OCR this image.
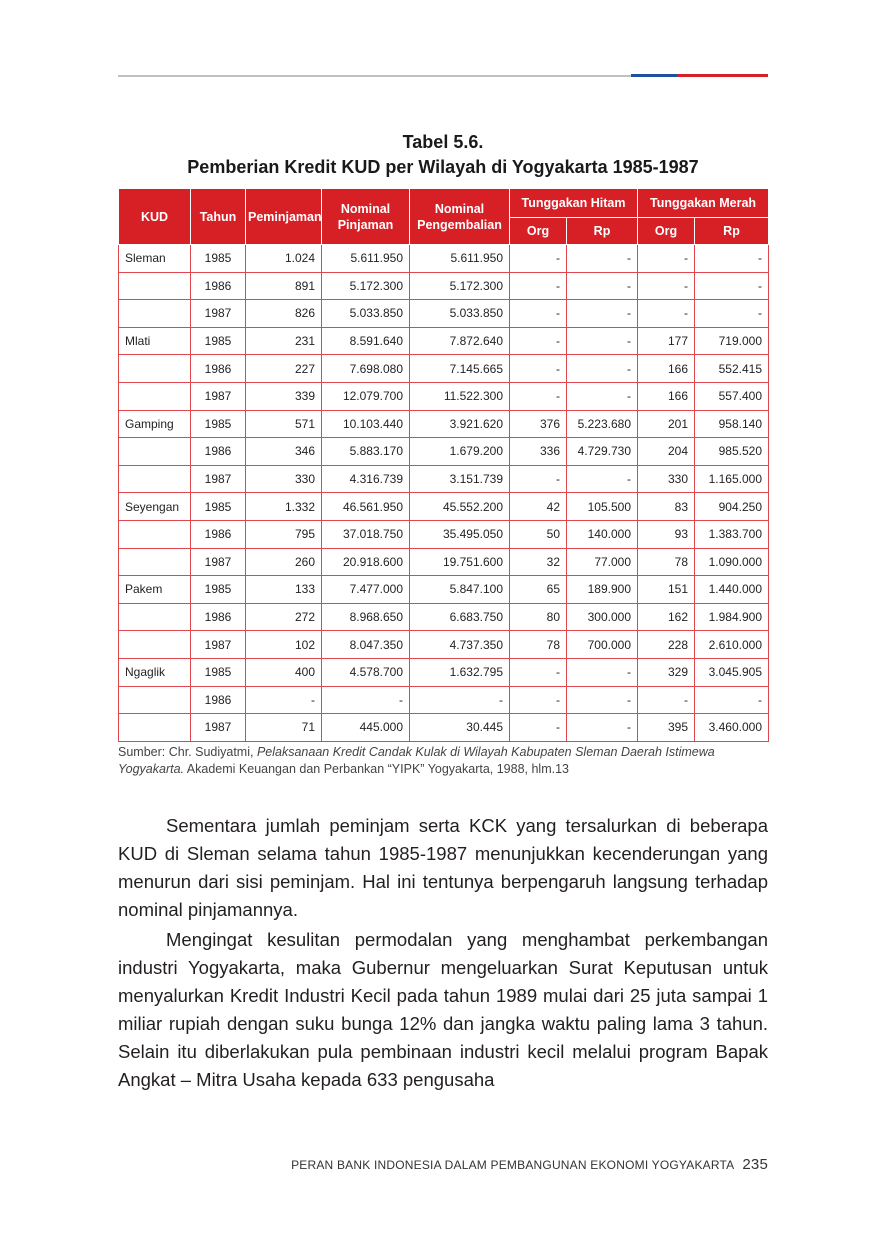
Tabel 5.6.
Pemberian Kredit KUD per Wilayah di Yogyakarta 1985-1987
KUD	Tahun	Peminjaman	Nominal Pinjaman	Nominal Pengembalian	Tunggakan Hitam		Tunggakan Merah	
					Org	Rp	Org	Rp
Sleman	1985	1.024	5.611.950	5.611.950	-	-	-	-
	1986	891	5.172.300	5.172.300	-	-	-	-
	1987	826	5.033.850	5.033.850	-	-	-	-
Mlati	1985	231	8.591.640	7.872.640	-	-	177	719.000
	1986	227	7.698.080	7.145.665	-	-	166	552.415
	1987	339	12.079.700	11.522.300	-	-	166	557.400
Gamping	1985	571	10.103.440	3.921.620	376	5.223.680	201	958.140
	1986	346	5.883.170	1.679.200	336	4.729.730	204	985.520
	1987	330	4.316.739	3.151.739	-	-	330	1.165.000
Seyengan	1985	1.332	46.561.950	45.552.200	42	105.500	83	904.250
	1986	795	37.018.750	35.495.050	50	140.000	93	1.383.700
	1987	260	20.918.600	19.751.600	32	77.000	78	1.090.000
Pakem	1985	133	7.477.000	5.847.100	65	189.900	151	1.440.000
	1986	272	8.968.650	6.683.750	80	300.000	162	1.984.900
	1987	102	8.047.350	4.737.350	78	700.000	228	2.610.000
Ngaglik	1985	400	4.578.700	1.632.795	-	-	329	3.045.905
	1986	-	-	-	-	-	-	-
	1987	71	445.000	30.445	-	-	395	3.460.000
Sumber: Chr. Sudiyatmi, Pelaksanaan Kredit Candak Kulak di Wilayah Kabupaten Sleman Daerah Istimewa Yogyakarta. Akademi Keuangan dan Perbankan “YIPK” Yogyakarta, 1988, hlm.13

Sementara jumlah peminjam serta KCK yang tersalurkan di beberapa KUD di Sleman selama tahun 1985-1987 menunjukkan kecenderungan yang menurun dari sisi peminjam. Hal ini tentunya berpengaruh langsung terhadap nominal pinjamannya.

Mengingat kesulitan permodalan yang menghambat perkembangan industri Yogyakarta, maka Gubernur mengeluarkan Surat Keputusan untuk menyalurkan Kredit Industri Kecil pada tahun 1989 mulai dari 25 juta sampai 1 miliar rupiah dengan suku bunga 12% dan jangka waktu paling lama 3 tahun. Selain itu diberlakukan pula pembinaan industri kecil melalui program Bapak Angkat – Mitra Usaha kepada 633 pengusaha

PERAN BANK INDONESIA DALAM PEMBANGUNAN EKONOMI YOGYAKARTA 235
